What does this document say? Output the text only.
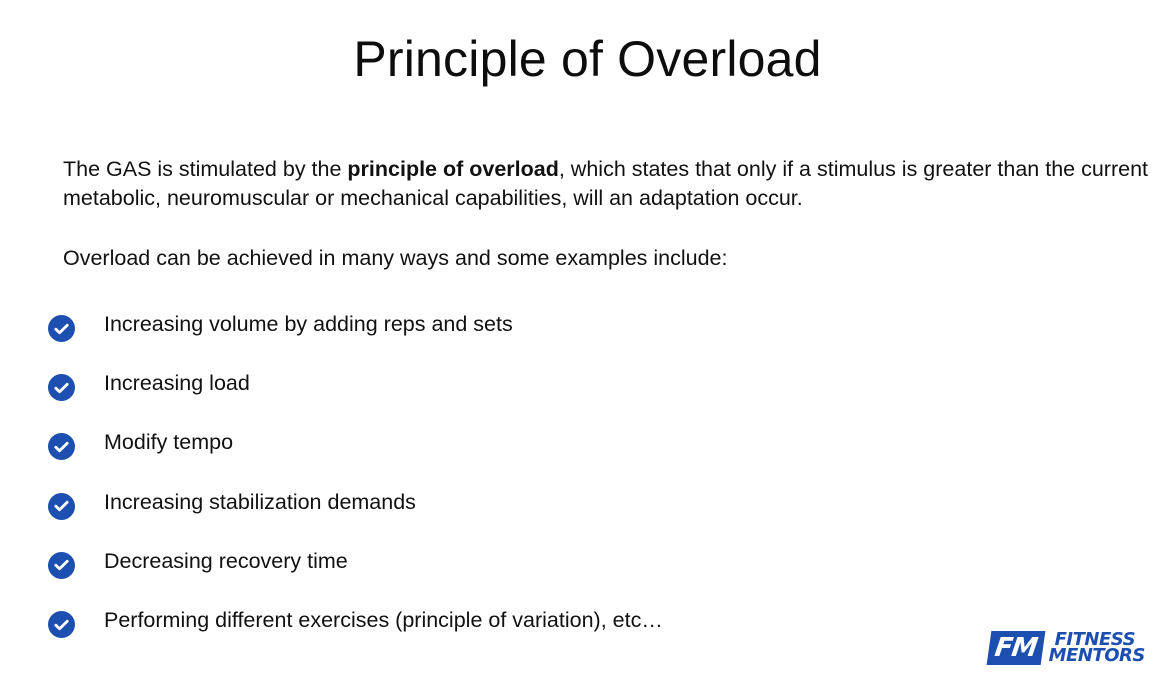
Principle of Overload
The GAS is stimulated by the principle of overload, which states that only if a stimulus is greater than the current metabolic, neuromuscular or mechanical capabilities, will an adaptation occur.
Overload can be achieved in many ways and some examples include:
Increasing volume by adding reps and sets
Increasing load
Modify tempo
Increasing stabilization demands
Decreasing recovery time
Performing different exercises (principle of variation), etc…
FM FITNESS
MENTORS
